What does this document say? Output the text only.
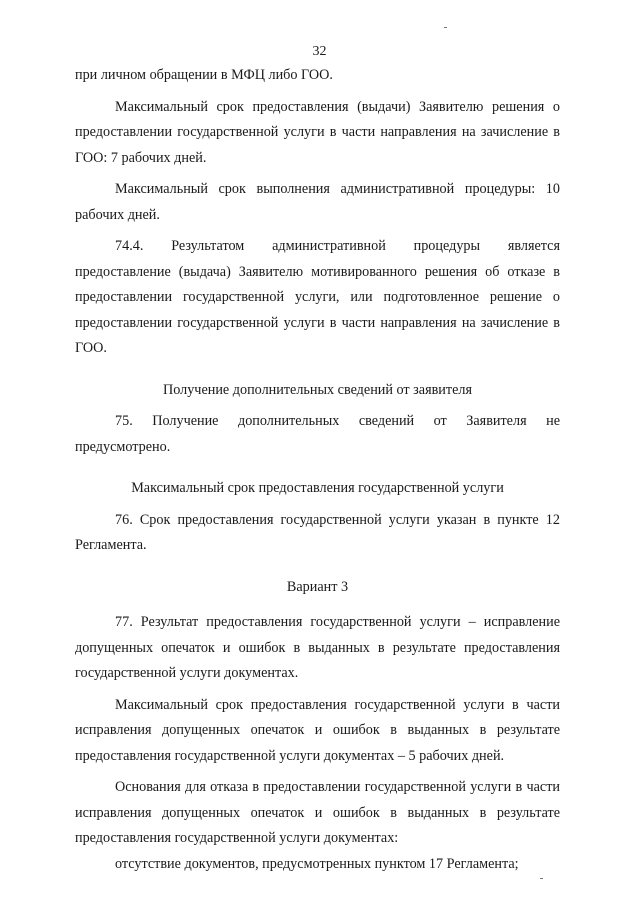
32

при личном обращении в МФЦ либо ГОО.

Максимальный срок предоставления (выдачи) Заявителю решения о предоставлении государственной услуги в части направления на зачисление в ГОО: 7 рабочих дней.

Максимальный срок выполнения административной процедуры: 10 рабочих дней.

74.4. Результатом административной процедуры является предоставление (выдача) Заявителю мотивированного решения об отказе в предоставлении государственной услуги, или подготовленное решение о предоставлении государственной услуги в части направления на зачисление в ГОО.

Получение дополнительных сведений от заявителя

75. Получение дополнительных сведений от Заявителя не предусмотрено.

Максимальный срок предоставления государственной услуги

76. Срок предоставления государственной услуги указан в пункте 12 Регламента.

Вариант 3

77. Результат предоставления государственной услуги – исправление допущенных опечаток и ошибок в выданных в результате предоставления государственной услуги документах.

Максимальный срок предоставления государственной услуги в части исправления допущенных опечаток и ошибок в выданных в результате предоставления государственной услуги документах – 5 рабочих дней.

Основания для отказа в предоставлении государственной услуги в части исправления допущенных опечаток и ошибок в выданных в результате предоставления государственной услуги документах:

отсутствие документов, предусмотренных пунктом 17 Регламента;
